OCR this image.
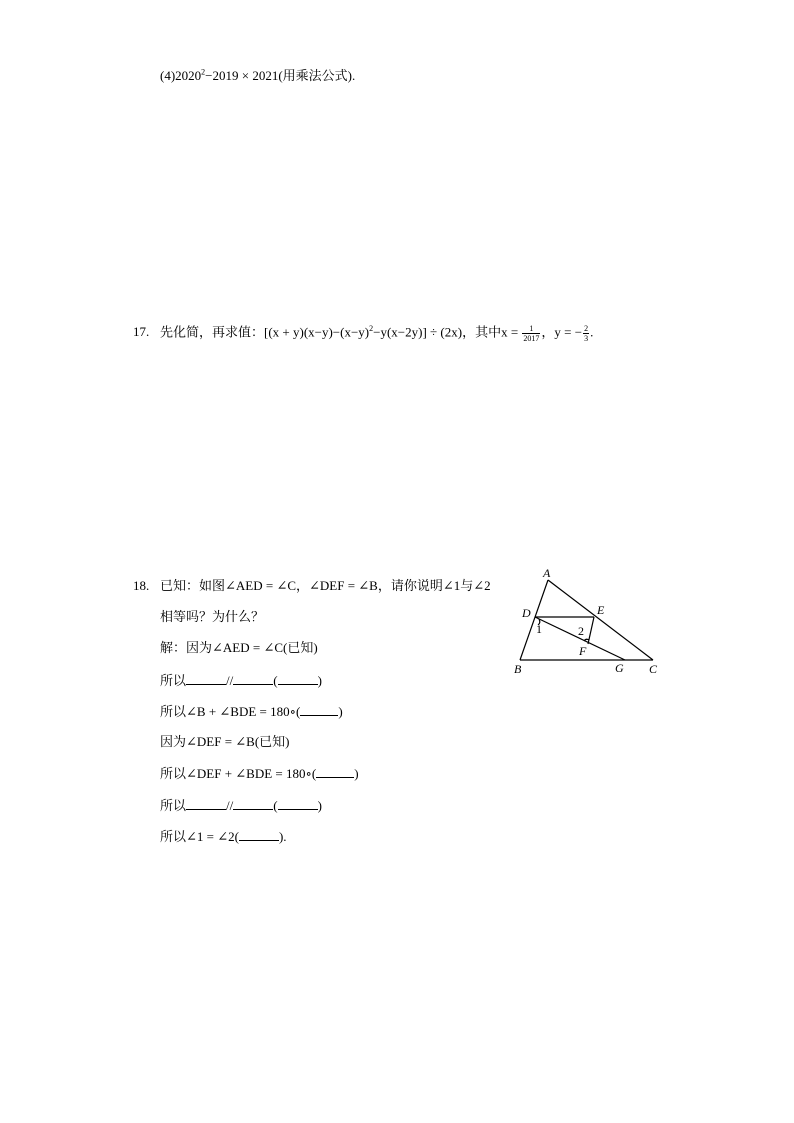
$(4)2020^2-2019 \times 2021$(用乘法公式).
17. 先化简，再求值：$[(x + y)(x-y)-(x-y)^2-y(x-2y)] \div (2x)$，其中$x = \frac{1}{2017}$ ，y = − $\frac{2}{3}$ .
18. 已知：如图∠AED = ∠C，∠DEF = ∠B，请你说明∠1与∠2
相等吗？为什么？
解：因为∠AED = ∠C(已知)
所以	//	(	)
所以∠B + ∠BDE = 180∘(	)
因为∠DEF = ∠B(已知)
所以∠DEF + ∠BDE = 180∘(	)
所以	//	(	)
所以∠1 = ∠2(	).
A
B	C
D	E
F
G
1	2
